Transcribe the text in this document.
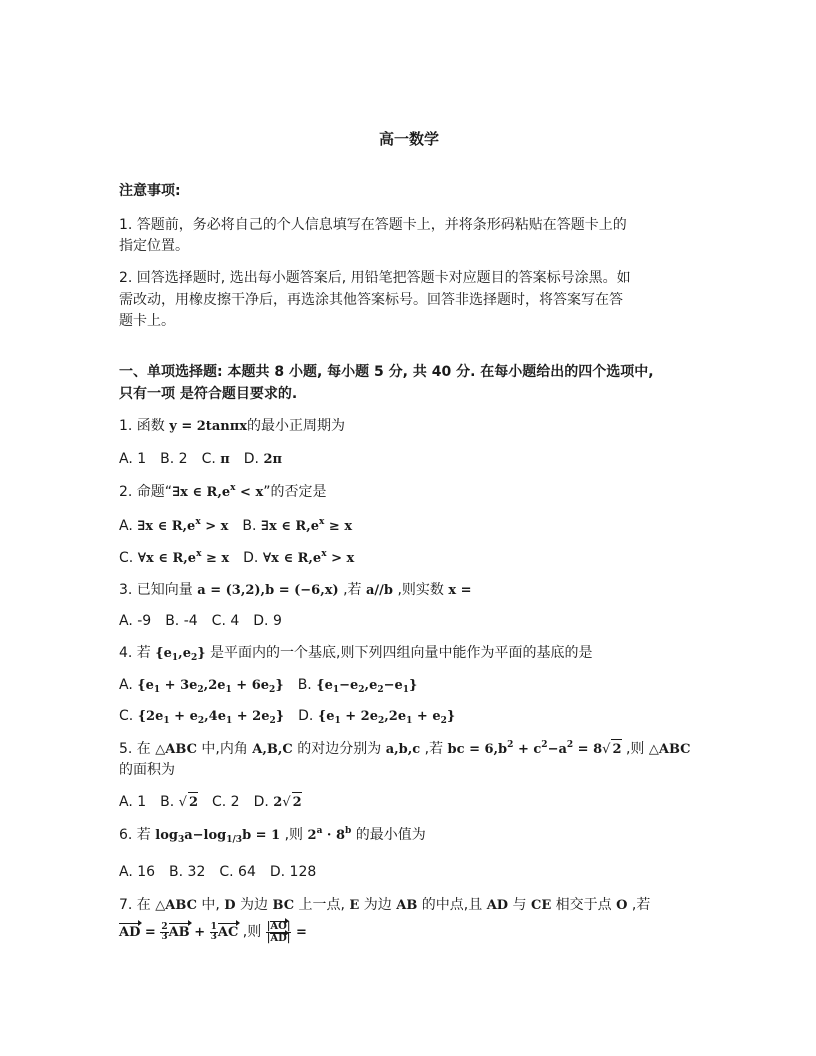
高一数学
注意事项:
1. 答题前，务必将自己的个人信息填写在答题卡上，并将条形码粘贴在答题卡上的
指定位置。
2. 回答选择题时, 选出每小题答案后, 用铅笔把答题卡对应题目的答案标号涂黑。如
需改动，用橡皮擦干净后，再选涂其他答案标号。回答非选择题时，将答案写在答
题卡上。
一、单项选择题: 本题共 8 小题, 每小题 5 分, 共 40 分. 在每小题给出的四个选项中,
只有一项 是符合题目要求的.
1. 函数 y = 2tanπx的最小正周期为
A. 1 B. 2 C. π D. 2π
2. 命题“∃x ∈ $R,e^x < x$”的否定是
A. ∃x ∈ $R,e^x > x$ B. ∃x ∈ $R,e^x \ge x$
C. ∀x ∈ $R,e^x \ge x$ D. ∀x ∈ $R,e^x > x$
3. 已知向量 a = (3,2),b = (−6,x) ,若 a//b ,则实数 x =
A. -9 B. -4 C. 4 D. 9
4. 若 $\{e_1,e_2\}$ 是平面内的一个基底,则下列四组向量中能作为平面的基底的是
A. $\{e_1 + 3e_2,2e_1 + 6e_2\}$ B. $\{e_1-e_2,e_2-e_1\}$
C. $\{2e_1 + e_2,4e_1 + 2e_2\}$ D. $\{e_1 + 2e_2,2e_1 + e_2\}$
5. 在 △ABC 中,内角 A,B,C 的对边分别为 a,b,c ,若 bc = $6,b^2 + c^2-a^2 = 8√$ 2 ,则 △ABC
的面积为
A. 1 B. √ 2 C. 2 D. 2√ 2
6. 若 $\log_3a-\log_{1/3}b = 1$ ,则 $2^a \cdot 8^b$ 的最小值为
A. 16 B. 32 C. 64 D. 128
7. 在 △ABC 中, D 为边 BC 上一点, E 为边 AB 的中点,且 AD 与 CE 相交于点 O ,若
AD = $\frac{2}{3}$ AB + $\frac{1}{3}$ AC ,则 $\frac{|AO|}{|AD|}$ =
